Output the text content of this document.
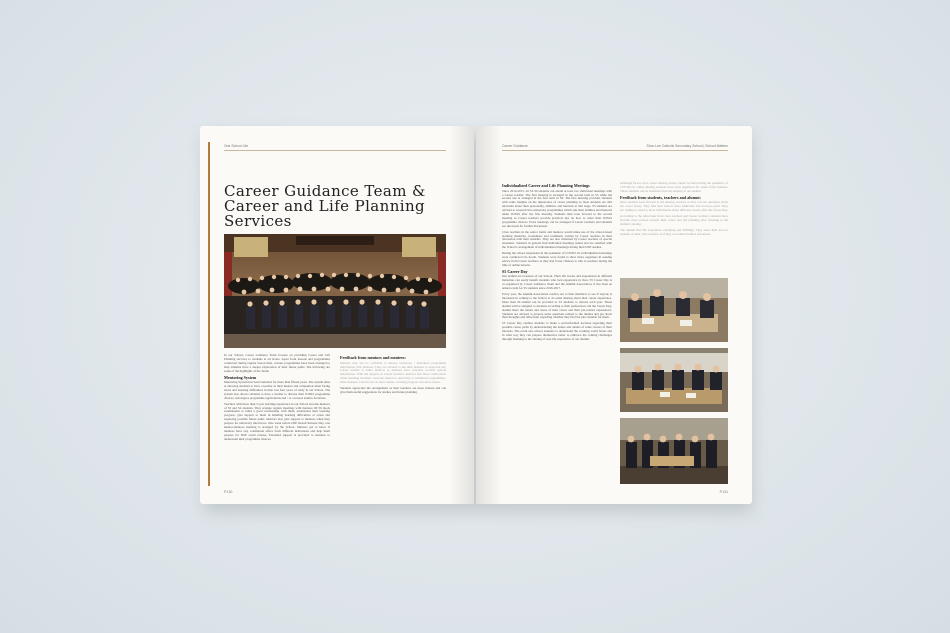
One School Life
Career Guidance Team &
Career and Life Planning
Services

In our School, Career Guidance Team focuses on providing Career and Life Planning services to students at all levels. Apart from lessons and programmes conducted during regular lesson time, various programmes have been arranged to help students have a deeper exploration of their future paths. The following are some of the highlights of the Team:

Mentoring System

Mentoring System has been launched for more than fifteen years. The system aims at allowing students to have a teacher as their mentor and companion when facing stress and learning difficulties in their last four years of study in our School. The system also allows students to have a teacher to discuss their JUPAS programme choices, sub-degree programme applications and / or overseas studies decisions.

Teachers with more than 3 year teaching experience in our School become mentors of S3 and S4 students. They arrange regular meetings with mentees till S6 mock examination to build a good relationship with them, understand their learning progress, give support to them in handling learning difficulties or stress and exploring possible future paths. Mentors also give support to mentees when they prepare for university interviews. One week before DSE Result Release Day, one mentor-mentees meeting is arranged by the School. Mentors get to know if mentees have any conditional offers from different institutions and help them prepare for DSE result release. Extended support is provided to mentees to understand their programme choices.

Feedback from mentors and mentees:

Mentors may not be confident to discuss university / institution programme information with mentees. They are advised to ask their mentees to approach any Career teacher if either mentors or mentees have concerns towards upload information. With the support of Career teachers, mentors feel more comfortable while handling students' concerns related to university or institution programmes. Most mentees would focus on their studies, learning progress and stress issues.

Students appreciate the arrangement as their teachers are more mature and can give them useful suggestions for studies and future planning.

P.130
Career Guidance	Shun Lee Catholic Secondary School | School Matters
Individualized Career and Life Planning Meetings

Since 2014-2015, all S3-S6 students can attend at least two individual meetings with a Career teacher. The first meeting is arranged in the second term in S5 while the second one is arranged in the first term in S6. The first meeting provides students with some insights on the importance of career planning as most students are still uncertain about their personality, abilities, and interests at that stage. S5 students are advised to research into university programmes which suit their abilities and interests under JUPAS after the first meeting. Students then look forward to the second meeting as Career teachers provide practical tips on how to order their JUPAS programme choices. Extra meetings can be arranged if Career teachers and students see the needs for further discussion.

Class teachers in the senior forms and mentors would make use of the school-based learning materials, worksheets and comments written by Career teachers in their discussion with their students. They are also informed by Career teachers of special situations. Students in general find individual meetings useful and are satisfied with the School's arrangement of individualized meetings during their DSE studies.

During the school suspension in the pandemic of COVID-19, individualized meetings were conducted via Zoom. Students were found to show more eagerness in seeking advice from Career teachers as they had fewer chances to talk to teachers during the time of online lessons.

S5 Career Day

Our alumni are treasures of our School. Their life stories and experiences in different industries can easily benefit students who lack experience in lives. S5 Career Day is co-organized by Career Guidance Team and the Alumni Association. It has been an annual event for S5 students since 2016-2017.

Every year, the Alumni Association reaches out to their members to see if anyone is interested in coming to the School to do some sharing about their career experience. More than 20 alumni can be provided to S5 students to discuss each year. Those alumni will be assigned to students according to their preferences. On the Career Day, alumni share the nature and stress of their career and their job-related experiences. Students are advised to prepare some questions related to the themes and get down their thoughts and reflections regarding whether they find the jobs suitable for them.

S5 Career Day enables students to make a well-informed decision regarding their possible career paths by understanding the nature and details of some careers of their interests. The event also allows students to understand the working world better and in what way they can prepare themselves better to embrace the coming challenges through listening to the sharing of real-life experience of our alumni.

Although face-to-face career sharing events cannot be held during the pandemic of COVID-19, online sharing sessions have been organized for senior form students. Those students can be benefited from the sharing of our alumni.

Feedback from students, teachers and alumni:

Most students look forward to the sharing sessions as they can ask questions about the career freely. They find their seniors more admirable and down-to-earth. They are willing to seek for more information about different careers after the Career Day.

According to the reflections from class teachers and Career teachers, students have become more serious towards their career and life planning after listening to the alumni's sharing.

The alumni find the experience satisfying and fulfilling. They show their love to students as their class teachers as if they were their brothers and sisters.

P.131
